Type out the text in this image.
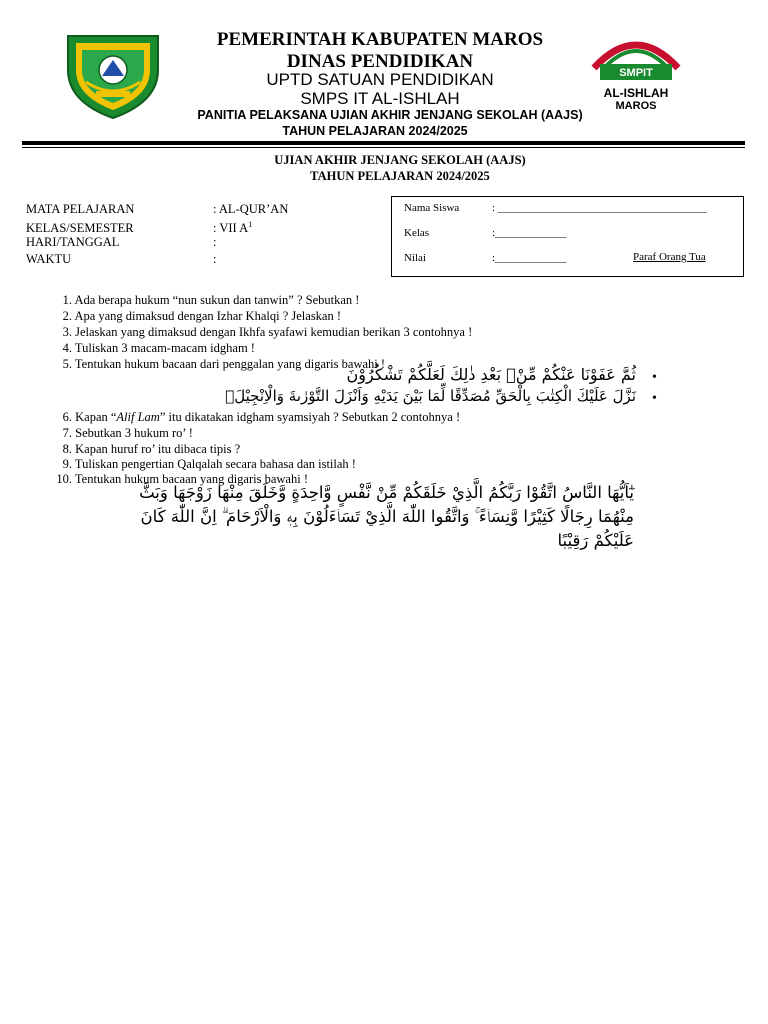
SMPIT
AL-ISHLAH
MAROS
PEMERINTAH KABUPATEN MAROS
DINAS PENDIDIKAN
UPTD SATUAN PENDIDIKAN
SMPS IT AL-ISHLAH
PANITIA PELAKSANA UJIAN AKHIR JENJANG SEKOLAH (AAJS)
TAHUN PELAJARAN 2024/2025
UJIAN AKHIR JENJANG SEKOLAH (AAJS)
TAHUN PELAJARAN 2024/2025
MATA PELAJARAN	: AL-QUR’AN
KELAS/SEMESTER	: VII $A^1$
HARI/TANGGAL	:
WAKTU	:
Nama Siswa	: ______________________________________
Kelas	:_____________
Nilai	:_____________	Paraf Orang Tua
1. Ada berapa hukum “nun sukun dan tanwin” ? Sebutkan !
2. Apa yang dimaksud dengan Izhar Khalqi ? Jelaskan !
3. Jelaskan yang dimaksud dengan Ikhfa syafawi kemudian berikan 3 contohnya !
4. Tuliskan 3 macam-macam idgham !
5. Tentukan hukum bacaan dari penggalan yang digaris bawahi !
•
ثُمَّ عَفَوْنَا عَنْكُمْ مِّنْۢ بَعْدِ ذٰلِكَ لَعَلَّكُمْ تَشْكُرُوْنَ
•
نَزَّلَ عَلَيْكَ الْكِتٰبَ بِالْحَقِّ مُصَدِّقًا لِّمَا بَيْنَ يَدَيْهِ وَاَنْزَلَ التَّوْرٰىةَ وَالْاِنْجِيْلَۙ
6. Kapan “Alif Lam” itu dikatakan idgham syamsiyah ? Sebutkan 2 contohnya !
7. Sebutkan 3 hukum ro’ !
8. Kapan huruf ro’ itu dibaca tipis ?
9. Tuliskan pengertian Qalqalah secara bahasa dan istilah !
10. Tentukan hukum bacaan yang digaris bawahi !
يٰٓاَيُّهَا النَّاسُ اتَّقُوْا رَبَّكُمُ الَّذِيْ خَلَقَكُمْ مِّنْ نَّفْسٍ وَّاحِدَةٍ وَّخَلَقَ مِنْهَا زَوْجَهَا وَبَثَّ
مِنْهُمَا رِجَالًا كَثِيْرًا وَّنِسَاۤءً ۚ وَاتَّقُوا اللّٰهَ الَّذِيْ تَسَاۤءَلُوْنَ بِهٖ وَالْاَرْحَامَ ۗ اِنَّ اللّٰهَ كَانَ
عَلَيْكُمْ رَقِيْبًا
